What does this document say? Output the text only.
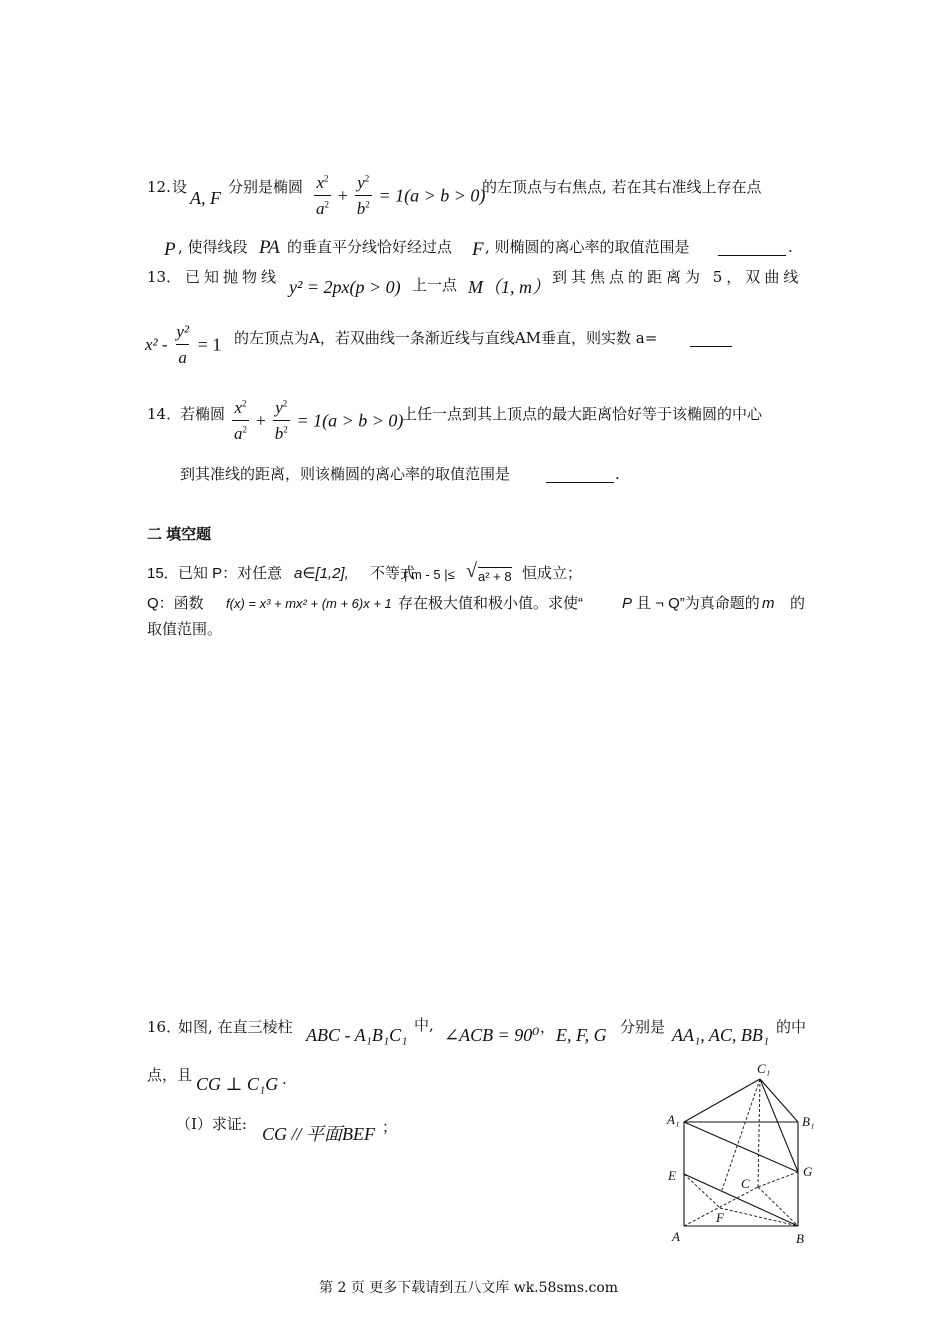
12. 设
A, F
分别是椭圆 $\frac{x^2}{a^2} + \frac{y^2}{b^2} = 1(a > b > 0)$
的左顶点与右焦点, 若在其右准线上存在点
P , 使得线段 PA 的垂直平分线恰好经过点 F , 则椭圆的离心率的取值范围是	.
13． 已知抛物线 y² = 2px(p > 0) 上一点 M（1, m） 到其焦点的距离为 5，双曲线
$x^2 - \frac{\text{y²}}{a} = 1$ 的左顶点为A，若双曲线一条渐近线与直线AM垂直，则实数 a=
14．
若椭圆 $\frac{x^2}{a^2} + \frac{y^2}{b^2} = 1(a > b > 0)$
上任一点到其上顶点的最大距离恰好等于该椭圆的中心
到其准线的距离，则该椭圆的离心率的取值范围是	.
二 填空题
15． 已知 P：对任意 a∈[1,2], 不等式
| m - 5 |≤ √ a² + 8 恒成立；
Q：函数 f(x) = x³ + mx² + (m + 6)x + 1 存在极大值和极小值。求使“	P 且 ¬ Q”为真命题的 m 的
取值范围。
16．
如图, 在直三棱柱 ABC - A₁B₁C₁ 中, ∠ACB = 90⁰ ， E, F, G 分别是 AA₁, AC, BB₁ 的中
点，且 CG ⊥ C₁G .
（Ⅰ）求证: CG // 平面BEF ；
C₁
A₁	B₁
E	G
C
F
A	B
第 2 页 更多下载请到五八文库 wk.58sms.com
